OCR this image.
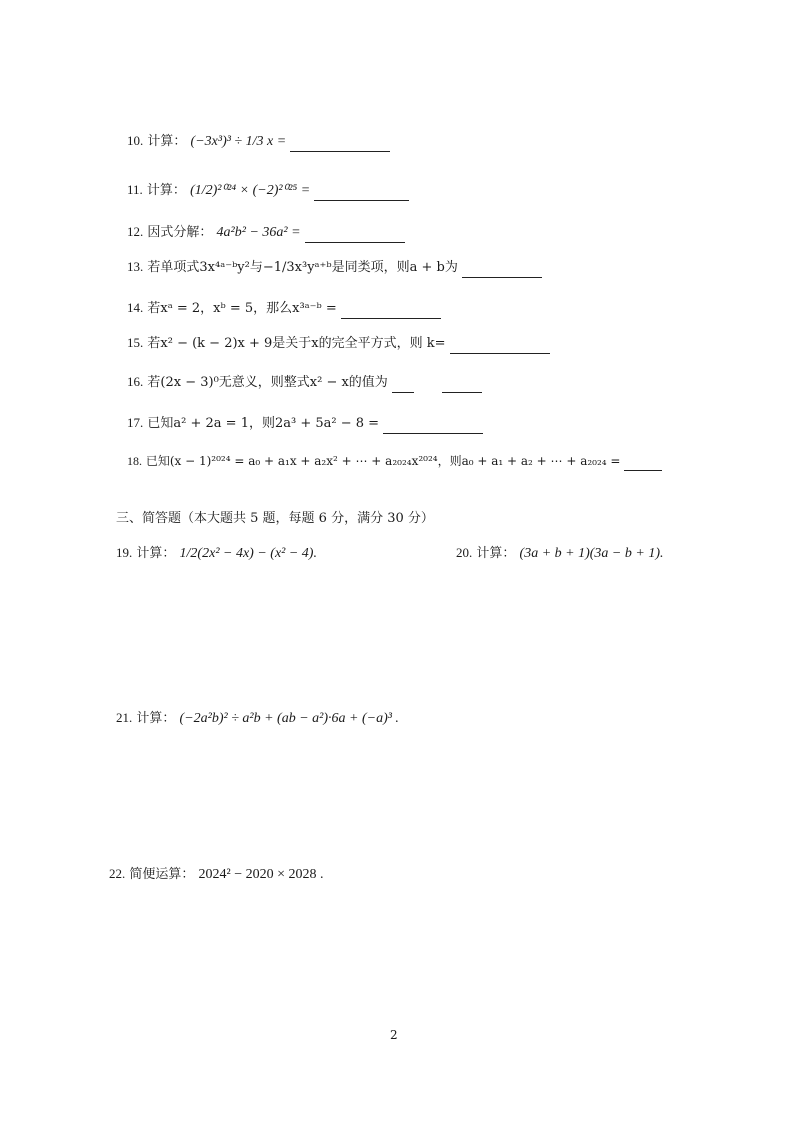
10. 计算： (−3x³)³ ÷ 1/3 x =
11. 计算： (1/2)²⁰²⁴ × (−2)²⁰²⁵ =
12. 因式分解： 4a²b² − 36a² =
13. 若单项式3x⁴ᵃ⁻ᵇy²与−1/3x³yᵃ⁺ᵇ是同类项，则a + b为
14. 若xᵃ = 2，xᵇ = 5，那么x³ᵃ⁻ᵇ =
15. 若x² − (k − 2)x + 9是关于x的完全平方式，则 k=
16. 若(2x − 3)⁰无意义，则整式x² − x的值为
17. 已知a² + 2a = 1，则2a³ + 5a² − 8 =
18. 已知(x − 1)²⁰²⁴ = a₀ + a₁x + a₂x² + ⋯ + a₂₀₂₄x²⁰²⁴，则a₀ + a₁ + a₂ + ⋯ + a₂₀₂₄ =
三、简答题（本大题共 5 题，每题 6 分，满分 30 分）
19. 计算： 1/2(2x² − 4x) − (x² − 4).	20. 计算： (3a + b + 1)(3a − b + 1).
21. 计算： (−2a²b)² ÷ a²b + (ab − a²)·6a + (−a)³ .
22. 简便运算： 2024² − 2020 × 2028 .
2
